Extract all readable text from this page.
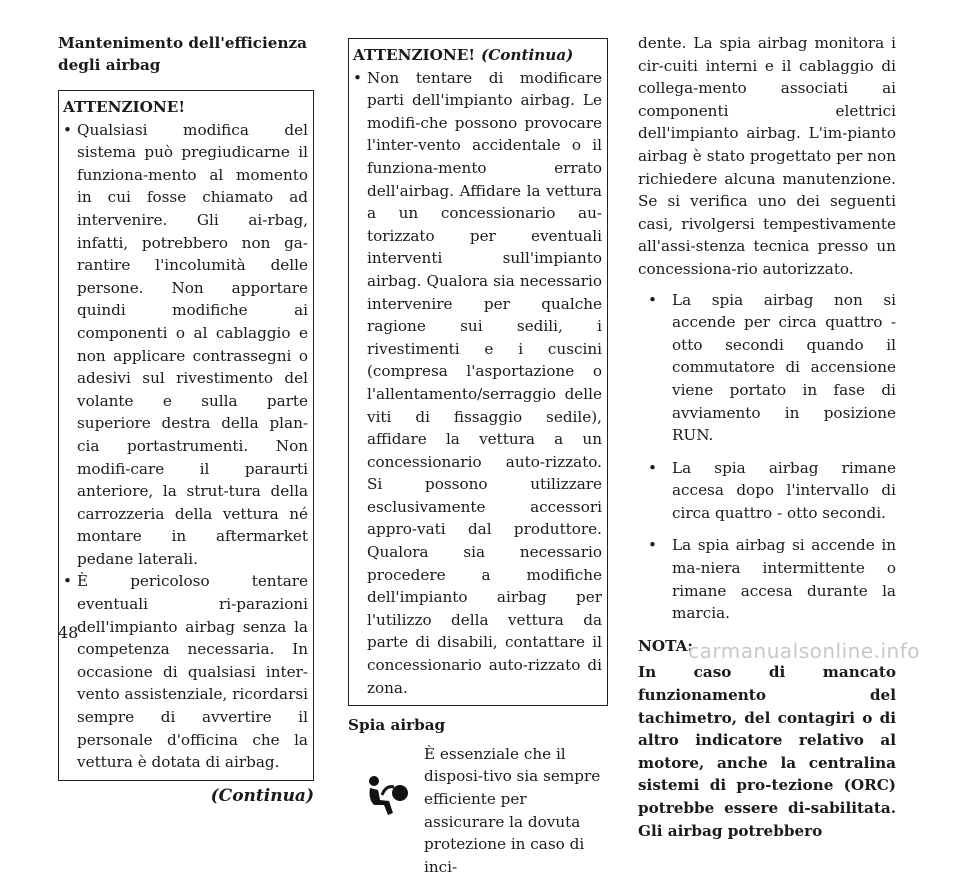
Mantenimento dell'efficienza degli airbag
ATTENZIONE!
• Qualsiasi modifica del sistema può pregiudicarne il funziona-mento al momento in cui fosse chiamato ad intervenire. Gli ai-rbag, infatti, potrebbero non ga-rantire l'incolumità delle persone. Non apportare quindi modifiche ai componenti o al cablaggio e non applicare contrassegni o adesivi sul rivestimento del volante e sulla parte superiore destra della plan-cia portastrumenti. Non modifi-care il paraurti anteriore, la strut-tura della carrozzeria della vettura né montare in aftermarket pedane laterali.
• È pericoloso tentare eventuali ri-parazioni dell'impianto airbag senza la competenza necessaria. In occasione di qualsiasi inter-vento assistenziale, ricordarsi sempre di avvertire il personale d'officina che la vettura è dotata di airbag.
(Continua)
ATTENZIONE! (Continua)
• Non tentare di modificare parti dell'impianto airbag. Le modifi-che possono provocare l'inter-vento accidentale o il funziona-mento errato dell'airbag. Affidare la vettura a un concessionario au-torizzato per eventuali interventi sull'impianto airbag. Qualora sia necessario intervenire per qualche ragione sui sedili, i rivestimenti e i cuscini (compresa l'asportazione o l'allentamento/serraggio delle viti di fissaggio sedile), affidare la vettura a un concessionario auto-rizzato. Si possono utilizzare esclusivamente accessori appro-vati dal produttore. Qualora sia necessario procedere a modifiche dell'impianto airbag per l'utilizzo della vettura da parte di disabili, contattare il concessionario auto-rizzato di zona.
Spia airbag
È essenziale che il disposi-tivo sia sempre efficiente per assicurare la dovuta protezione in caso di inci-

dente. La spia airbag monitora i cir-cuiti interni e il cablaggio di collega-mento associati ai componenti elettrici dell'impianto airbag. L'im-pianto airbag è stato progettato per non richiedere alcuna manutenzione. Se si verifica uno dei seguenti casi, rivolgersi tempestivamente all'assi-stenza tecnica presso un concessiona-rio autorizzato.

• La spia airbag non si accende per circa quattro - otto secondi quando il commutatore di accensione viene portato in fase di avviamento in posizione RUN.
• La spia airbag rimane accesa dopo l'intervallo di circa quattro - otto secondi.
• La spia airbag si accende in ma-niera intermittente o rimane accesa durante la marcia.
NOTA:
In caso di mancato funzionamento del tachimetro, del contagiri o di altro indicatore relativo al motore, anche la centralina sistemi di pro-tezione (ORC) potrebbe essere di-sabilitata. Gli airbag potrebbero
48
carmanualsonline.info
